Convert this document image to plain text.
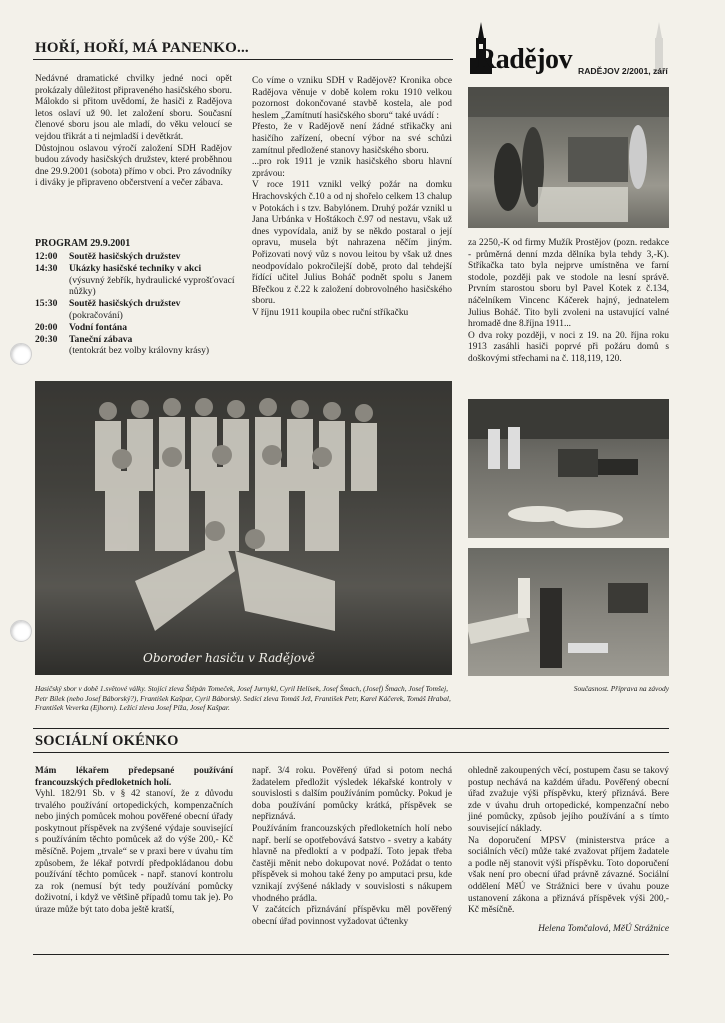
HOŘÍ, HOŘÍ, MÁ PANENKO...	Radějov RADĚJOV 2/2001, září
Nedávné dramatické chvilky jedné noci opět prokázaly důležitost připraveného hasičského sboru. Málokdo si přitom uvědomí, že hasiči z Radějova letos oslaví už 90. let založení sboru. Současní členové sboru jsou ale mladí, do věku veloucí se vejdou třikrát a ti nejmladší i devětkrát.
Důstojnou oslavou výročí založení SDH Radějov budou závody hasičských družstev, které proběhnou dne 29.9.2001 (sobota) přímo v obci. Pro závodníky i diváky je připraveno občerstvení a večer zábava.
PROGRAM 29.9.2001
12:00 Soutěž hasičských družstev
14:30 Ukázky hasičské techniky v akci
(výsuvný žebřík, hydraulické vyprošťovací nůžky)
15:30 Soutěž hasičských družstev
(pokračování)
20:00 Vodní fontána
20:30 Taneční zábava
(tentokrát bez volby královny krásy)
Co víme o vzniku SDH v Radějově? Kronika obce Radějova věnuje v době kolem roku 1910 velkou pozornost dokončované stavbě kostela, ale pod heslem „Zamítnutí hasičského sboru“ také uvádí :
Přesto, že v Radějově není žádné střikačky ani hasičího zařízení, obecní výbor na své schůzi zamítnul předložené stanovy hasičského sboru.
...pro rok 1911 je vznik hasičského sboru hlavní zprávou:
V roce 1911 vznikl velký požár na domku Hrachovských č.10 a od nj shořelo celkem 13 chalup v Potokách i s tzv. Babylónem. Druhý požár vznikl u Jana Urbánka v Hoštákoch č.97 od nestavu, však už dnes vypovídala, aniž by se někdo postaral o její opravu, musela být nahrazena něčím jiným. Pořizovati nový vůz s novou leitou by však už dnes neodpovídalo pokročilejší době, proto dal tehdejší řídící učitel Julius Boháč podnět spolu s Janem Břečkou z č.22 k založení dobrovolného hasičského sboru.
V říjnu 1911 koupila obec ruční stříkačku
za 2250,-K od firmy Mužík Prostějov (pozn. redakce - průměrná denní mzda dělníka byla tehdy 3,-K). Stříkačka tato byla nejprve umístněna ve farní stodole, později pak ve stodole na lesní správě. Prvním starostou sboru byl Pavel Kotek z č.134, náčelníkem Vincenc Káčerek hajný, jednatelem Julius Boháč. Tito byli zvoleni na ustavující valné hromadě dne 8.října 1911...
O dva roky později, v noci z 19. na 20. října roku 1913 zasáhli hasiči poprvé při požáru domů s doškovými střechami na č. 118,119, 120.
Oboroder hasiču v Radějově
Hasičský sbor v době 1.světové války. Stojící zleva Štěpán Tomeček, Josef Jurnykl, Cyril Helísek, Josef Šmach, (Josef) Šmach, Josef Tomšej, Petr Bílek (nebo Josef Báborský?), František Kašpar, Cyril Báborský. Sedící zleva Tomáš Jež, František Petr, Karel Káčerek, Tomáš Hrabal, František Veverka (Ejhorn). Ležící zleva Josef Píža, Josef Kašpar.
Současnost. Příprava na závody
SOCIÁLNÍ OKÉNKO
Mám lékařem předepsané používání francouzských předloketních holí.
Vyhl. 182/91 Sb. v § 42 stanoví, že z důvodu trvalého používání ortopedických, kompenzačních nebo jiných pomůcek mohou pověřené obecní úřady poskytnout příspěvek na zvýšené výdaje související s používáním těchto pomůcek až do výše 200,- Kč měsíčně. Pojem „trvale“ se v praxi bere v úvahu tím způsobem, že lékař potvrdí předpokládanou dobu používání těchto pomůcek - např. stanoví kontrolu za rok (nemusí být tedy používání pomůcky doživotní, i když ve většině případů tomu tak je). Po úraze může být tato doba ještě kratší,
např. 3/4 roku. Pověřený úřad si potom nechá žadatelem předložit výsledek lékařské kontroly v souvislosti s dalším používáním pomůcky. Pokud je doba používání pomůcky krátká, příspěvek se nepřiznává.
Používáním francouzských předloketních holí nebo např. berlí se opotřebovává šatstvo - svetry a kabáty hlavně na předloktí a v podpaží. Toto jepak třeba častěji měnit nebo dokupovat nové. Požádat o tento příspěvek si mohou také ženy po amputaci prsu, kde vznikají zvýšené náklady v souvislosti s nákupem vhodného prádla.
V začátcích přiznávání příspěvku měl pověřený obecní úřad povinnost vyžadovat účtenky
ohledně zakoupených věcí, postupem času se takový postup nechává na každém úřadu. Pověřený obecní úřad zvažuje výši příspěvku, který přiznává. Bere zde v úvahu druh ortopedické, kompenzační nebo jiné pomůcky, způsob jejího používání a s tímto související náklady.
Na doporučení MPSV (ministerstva práce a sociálních věcí) může také zvažovat příjem žadatele a podle něj stanovit výši příspěvku. Toto doporučení však není pro obecní úřad právně závazné. Sociální oddělení MěÚ ve Strážnici bere v úvahu pouze ustanovení zákona a přiznává příspěvek výši 200,- Kč měsíčně.
Helena Tomčalová, MěÚ Strážnice
